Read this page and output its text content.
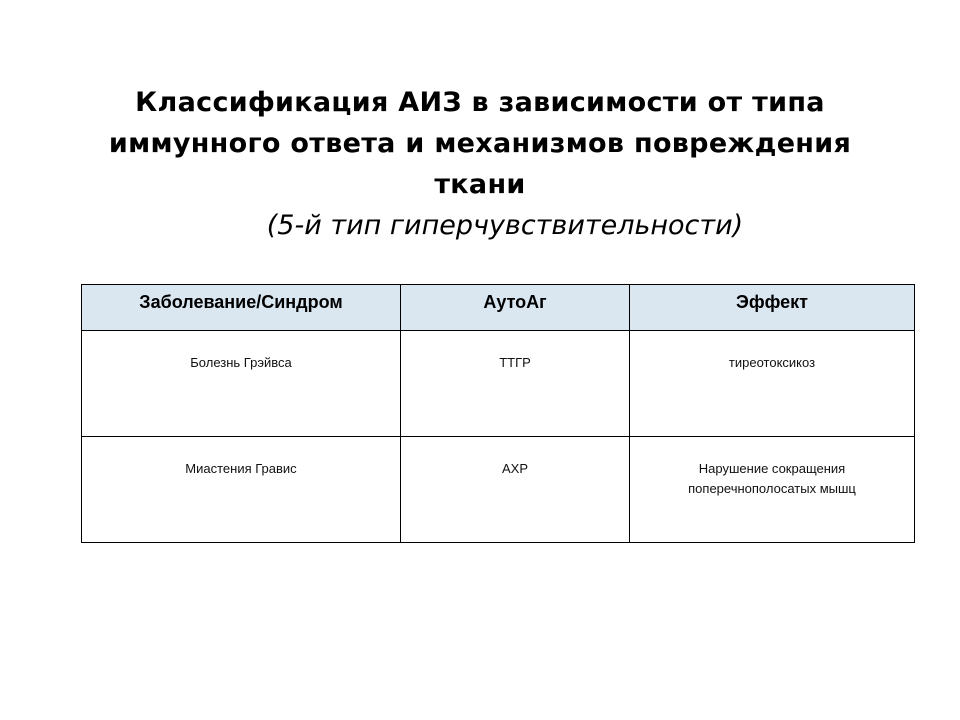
Классификация АИЗ в зависимости от типа

иммунного ответа и механизмов повреждения

ткани

(5-й тип гиперчувствительности)

Заболевание/Синдром	АутоАг	Эффект
Болезнь Грэйвса	ТТГР	тиреотоксикоз
Миастения Гравис	АХР	Нарушение сокращения поперечнополосатых мышц
